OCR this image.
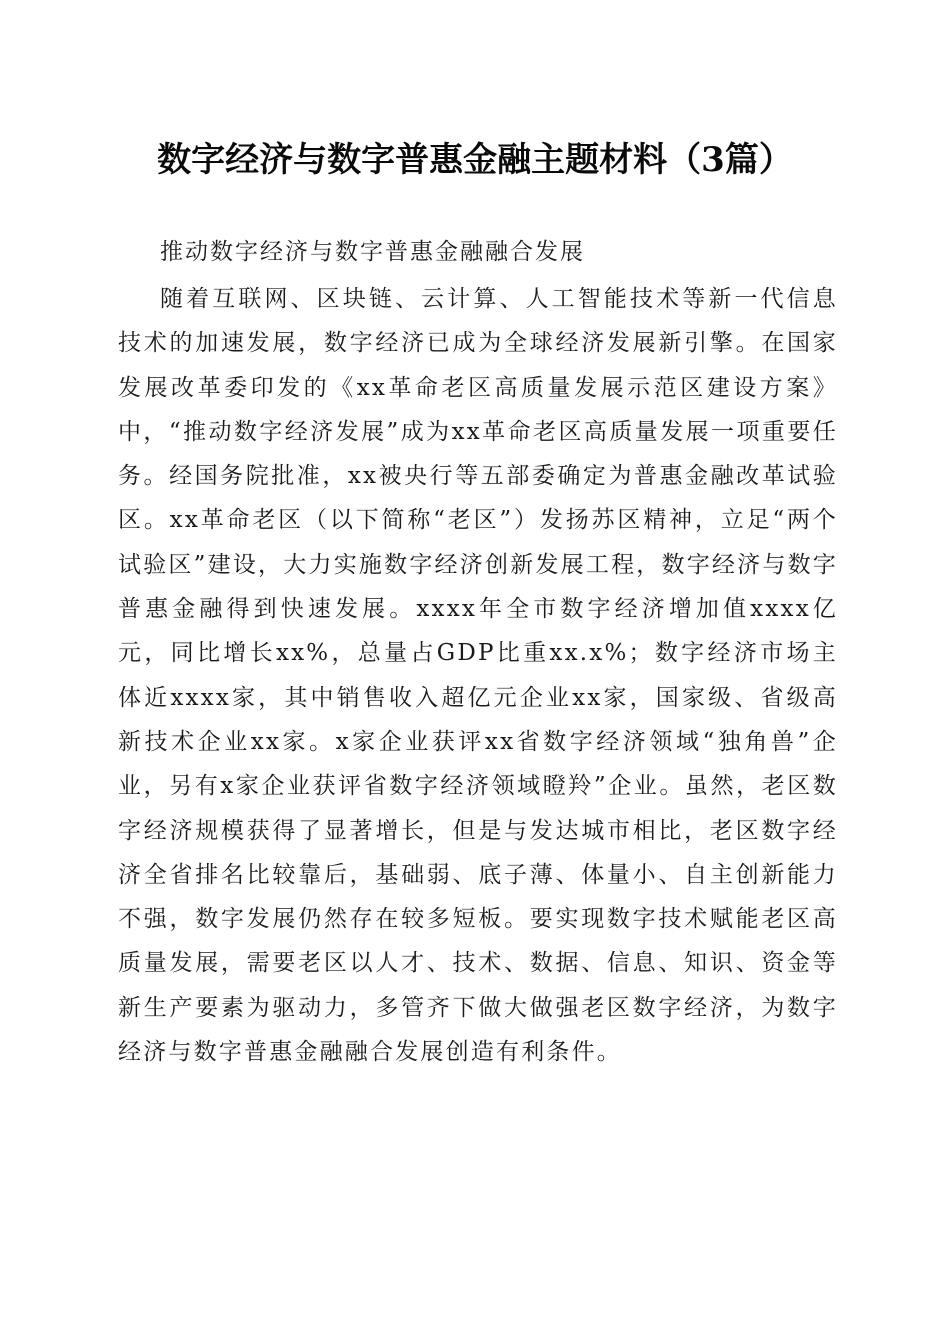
数字经济与数字普惠金融主题材料（3篇）
推动数字经济与数字普惠金融融合发展
随着互联网、区块链、云计算、人工智能技术等新一代信息技术的加速发展，数字经济已成为全球经济发展新引擎。在国家发展改革委印发的《xx革命老区高质量发展示范区建设方案》中，“推动数字经济发展”成为xx革命老区高质量发展一项重要任务。经国务院批准，xx被央行等五部委确定为普惠金融改革试验区。xx革命老区（以下简称“老区”）发扬苏区精神，立足“两个试验区”建设，大力实施数字经济创新发展工程，数字经济与数字普惠金融得到快速发展。xxxx年全市数字经济增加值xxxx亿元，同比增长xx%，总量占GDP比重xx.x%；数字经济市场主体近xxxx家，其中销售收入超亿元企业xx家，国家级、省级高新技术企业xx家。x家企业获评xx省数字经济领域“独角兽”企业，另有x家企业获评省数字经济领域瞪羚”企业。虽然，老区数字经济规模获得了显著增长，但是与发达城市相比，老区数字经济全省排名比较靠后，基础弱、底子薄、体量小、自主创新能力不强，数字发展仍然存在较多短板。要实现数字技术赋能老区高质量发展，需要老区以人才、技术、数据、信息、知识、资金等新生产要素为驱动力，多管齐下做大做强老区数字经济，为数字经济与数字普惠金融融合发展创造有利条件。
